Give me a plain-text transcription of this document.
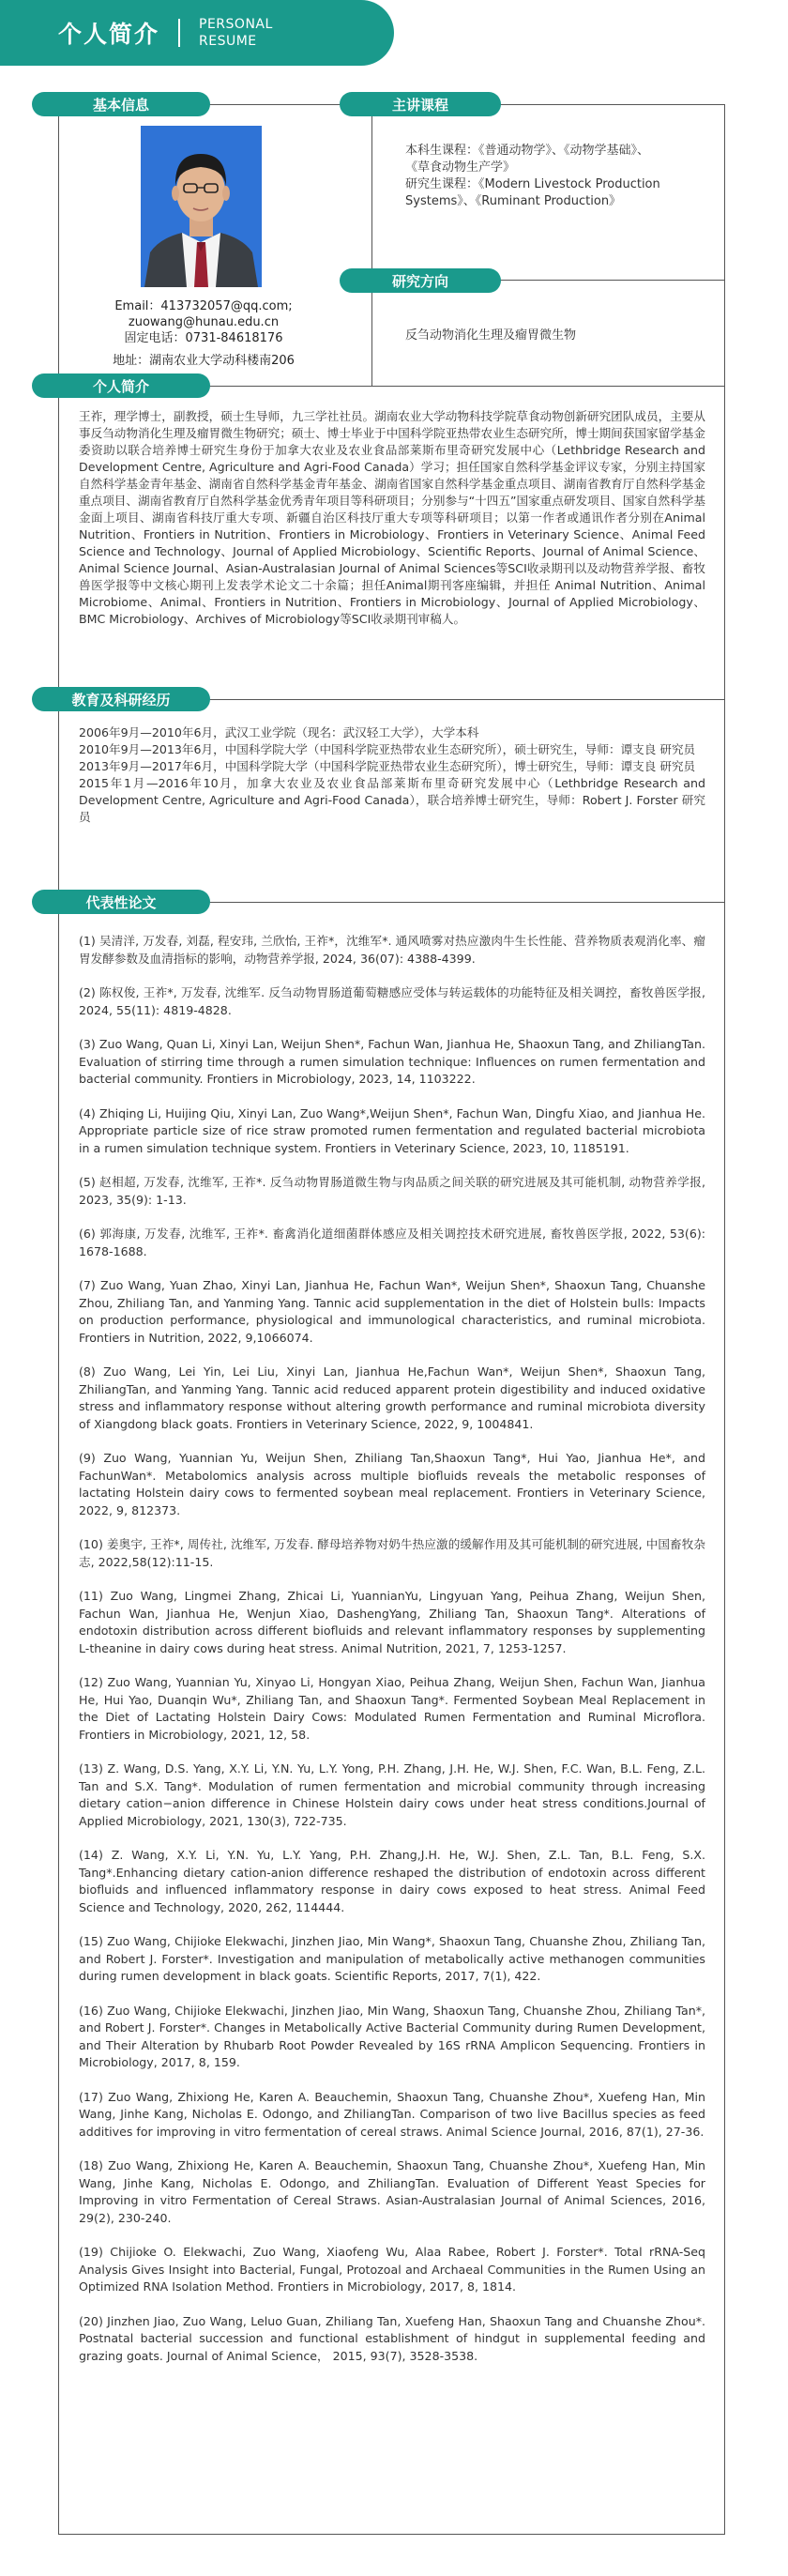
个人简介	PERSONAL
RESUME
基本信息	主讲课程
研究方向
个人简介
教育及科研经历
代表性论文
Email：413732057@qq.com;
zuowang@hunau.edu.cn
固定电话：0731-84618176
地址：湖南农业大学动科楼南206
本科生课程：《普通动物学》、《动物学基础》、
《草食动物生产学》
研究生课程：《Modern Livestock Production
Systems》、《Ruminant Production》
反刍动物消化生理及瘤胃微生物
王祚，理学博士，副教授，硕士生导师，九三学社社员。湖南农业大学动物科技学院草食动物创新研究团队成员，主要从事反刍动物消化生理及瘤胃微生物研究；硕士、博士毕业于中国科学院亚热带农业生态研究所，博士期间获国家留学基金委资助以联合培养博士研究生身份于加拿大农业及农业食品部莱斯布里奇研究发展中心（Lethbridge Research and Development Centre, Agriculture and Agri-Food Canada）学习；担任国家自然科学基金评议专家，分别主持国家自然科学基金青年基金、湖南省自然科学基金青年基金、湖南省国家自然科学基金重点项目、湖南省教育厅自然科学基金重点项目、湖南省教育厅自然科学基金优秀青年项目等科研项目；分别参与“十四五”国家重点研发项目、国家自然科学基金面上项目、湖南省科技厅重大专项、新疆自治区科技厅重大专项等科研项目；以第一作者或通讯作者分别在Animal Nutrition、Frontiers in Nutrition、Frontiers in Microbiology、Frontiers in Veterinary Science、Animal Feed Science and Technology、Journal of Applied Microbiology、Scientific Reports、Journal of Animal Science、Animal Science Journal、Asian-Australasian Journal of Animal Sciences等SCI收录期刊以及动物营养学报、畜牧兽医学报等中文核心期刊上发表学术论文二十余篇；担任Animal期刊客座编辑，并担任 Animal Nutrition、Animal Microbiome、Animal、Frontiers in Nutrition、Frontiers in Microbiology、Journal of Applied Microbiology、BMC Microbiology、Archives of Microbiology等SCI收录期刊审稿人。
2006年9月—2010年6月，武汉工业学院（现名：武汉轻工大学），大学本科
2010年9月—2013年6月，中国科学院大学（中国科学院亚热带农业生态研究所），硕士研究生，导师：谭支良 研究员
2013年9月—2017年6月，中国科学院大学（中国科学院亚热带农业生态研究所），博士研究生，导师：谭支良 研究员
2015年1月—2016年10月，加拿大农业及农业食品部莱斯布里奇研究发展中心（Lethbridge Research and Development Centre, Agriculture and Agri-Food Canada），联合培养博士研究生，导师：Robert J. Forster 研究员
(1) 吴清洋, 万发春, 刘磊, 程安玮, 兰欣怡, 王祚*，沈维军*. 通风喷雾对热应激肉牛生长性能、营养物质表观消化率、瘤胃发酵参数及血清指标的影响，动物营养学报, 2024, 36(07): 4388-4399.
(2) 陈权俊, 王祚*, 万发春, 沈维军. 反刍动物胃肠道葡萄糖感应受体与转运载体的功能特征及相关调控，畜牧兽医学报, 2024, 55(11): 4819-4828.
(3) Zuo Wang, Quan Li, Xinyi Lan, Weijun Shen*, Fachun Wan, Jianhua He, Shaoxun Tang, and ZhiliangTan. Evaluation of stirring time through a rumen simulation technique: Influences on rumen fermentation and bacterial community. Frontiers in Microbiology, 2023, 14, 1103222.
(4) Zhiqing Li, Huijing Qiu, Xinyi Lan, Zuo Wang*,Weijun Shen*, Fachun Wan, Dingfu Xiao, and Jianhua He. Appropriate particle size of rice straw promoted rumen fermentation and regulated bacterial microbiota in a rumen simulation technique system. Frontiers in Veterinary Science, 2023, 10, 1185191.
(5) 赵相超, 万发春, 沈维军, 王祚*. 反刍动物胃肠道微生物与肉品质之间关联的研究进展及其可能机制, 动物营养学报, 2023, 35(9): 1-13.
(6) 郭海康, 万发春, 沈维军, 王祚*. 畜禽消化道细菌群体感应及相关调控技术研究进展, 畜牧兽医学报, 2022, 53(6): 1678-1688.
(7) Zuo Wang, Yuan Zhao, Xinyi Lan, Jianhua He, Fachun Wan*, Weijun Shen*, Shaoxun Tang, Chuanshe Zhou, Zhiliang Tan, and Yanming Yang. Tannic acid supplementation in the diet of Holstein bulls: Impacts on production performance, physiological and immunological characteristics, and ruminal microbiota. Frontiers in Nutrition, 2022, 9,1066074.
(8) Zuo Wang, Lei Yin, Lei Liu, Xinyi Lan, Jianhua He,Fachun Wan*, Weijun Shen*, Shaoxun Tang, ZhiliangTan, and Yanming Yang. Tannic acid reduced apparent protein digestibility and induced oxidative stress and inflammatory response without altering growth performance and ruminal microbiota diversity of Xiangdong black goats. Frontiers in Veterinary Science, 2022, 9, 1004841.
(9) Zuo Wang, Yuannian Yu, Weijun Shen, Zhiliang Tan,Shaoxun Tang*, Hui Yao, Jianhua He*, and FachunWan*. Metabolomics analysis across multiple biofluids reveals the metabolic responses of lactating Holstein dairy cows to fermented soybean meal replacement. Frontiers in Veterinary Science, 2022, 9, 812373.
(10) 姜奥宇, 王祚*, 周传社, 沈维军, 万发春. 酵母培养物对奶牛热应激的缓解作用及其可能机制的研究进展, 中国畜牧杂志, 2022,58(12):11-15.
(11) Zuo Wang, Lingmei Zhang, Zhicai Li, YuannianYu, Lingyuan Yang, Peihua Zhang, Weijun Shen, Fachun Wan, Jianhua He, Wenjun Xiao, DashengYang, Zhiliang Tan, Shaoxun Tang*. Alterations of endotoxin distribution across different biofluids and relevant inflammatory responses by supplementing L-theanine in dairy cows during heat stress. Animal Nutrition, 2021, 7, 1253-1257.
(12) Zuo Wang, Yuannian Yu, Xinyao Li, Hongyan Xiao, Peihua Zhang, Weijun Shen, Fachun Wan, Jianhua He, Hui Yao, Duanqin Wu*, Zhiliang Tan, and Shaoxun Tang*. Fermented Soybean Meal Replacement in the Diet of Lactating Holstein Dairy Cows: Modulated Rumen Fermentation and Ruminal Microflora. Frontiers in Microbiology, 2021, 12, 58.
(13) Z. Wang, D.S. Yang, X.Y. Li, Y.N. Yu, L.Y. Yong, P.H. Zhang, J.H. He, W.J. Shen, F.C. Wan, B.L. Feng, Z.L. Tan and S.X. Tang*. Modulation of rumen fermentation and microbial community through increasing dietary cation−anion difference in Chinese Holstein dairy cows under heat stress conditions.Journal of Applied Microbiology, 2021, 130(3), 722-735.
(14) Z. Wang, X.Y. Li, Y.N. Yu, L.Y. Yang, P.H. Zhang,J.H. He, W.J. Shen, Z.L. Tan, B.L. Feng, S.X. Tang*.Enhancing dietary cation-anion difference reshaped the distribution of endotoxin across different biofluids and influenced inflammatory response in dairy cows exposed to heat stress. Animal Feed Science and Technology, 2020, 262, 114444.
(15) Zuo Wang, Chijioke Elekwachi, Jinzhen Jiao, Min Wang*, Shaoxun Tang, Chuanshe Zhou, Zhiliang Tan, and Robert J. Forster*. Investigation and manipulation of metabolically active methanogen communities during rumen development in black goats. Scientific Reports, 2017, 7(1), 422.
(16) Zuo Wang, Chijioke Elekwachi, Jinzhen Jiao, Min Wang, Shaoxun Tang, Chuanshe Zhou, Zhiliang Tan*, and Robert J. Forster*. Changes in Metabolically Active Bacterial Community during Rumen Development, and Their Alteration by Rhubarb Root Powder Revealed by 16S rRNA Amplicon Sequencing. Frontiers in Microbiology, 2017, 8, 159.
(17) Zuo Wang, Zhixiong He, Karen A. Beauchemin, Shaoxun Tang, Chuanshe Zhou*, Xuefeng Han, Min Wang, Jinhe Kang, Nicholas E. Odongo, and ZhiliangTan. Comparison of two live Bacillus species as feed additives for improving in vitro fermentation of cereal straws. Animal Science Journal, 2016, 87(1), 27-36.
(18) Zuo Wang, Zhixiong He, Karen A. Beauchemin, Shaoxun Tang, Chuanshe Zhou*, Xuefeng Han, Min Wang, Jinhe Kang, Nicholas E. Odongo, and ZhiliangTan. Evaluation of Different Yeast Species for Improving in vitro Fermentation of Cereal Straws. Asian-Australasian Journal of Animal Sciences, 2016, 29(2), 230-240.
(19) Chijioke O. Elekwachi, Zuo Wang, Xiaofeng Wu, Alaa Rabee, Robert J. Forster*. Total rRNA-Seq Analysis Gives Insight into Bacterial, Fungal, Protozoal and Archaeal Communities in the Rumen Using an Optimized RNA Isolation Method. Frontiers in Microbiology, 2017, 8, 1814.
(20) Jinzhen Jiao, Zuo Wang, Leluo Guan, Zhiliang Tan, Xuefeng Han, Shaoxun Tang and Chuanshe Zhou*. Postnatal bacterial succession and functional establishment of hindgut in supplemental feeding and grazing goats. Journal of Animal Science， 2015, 93(7), 3528-3538.
